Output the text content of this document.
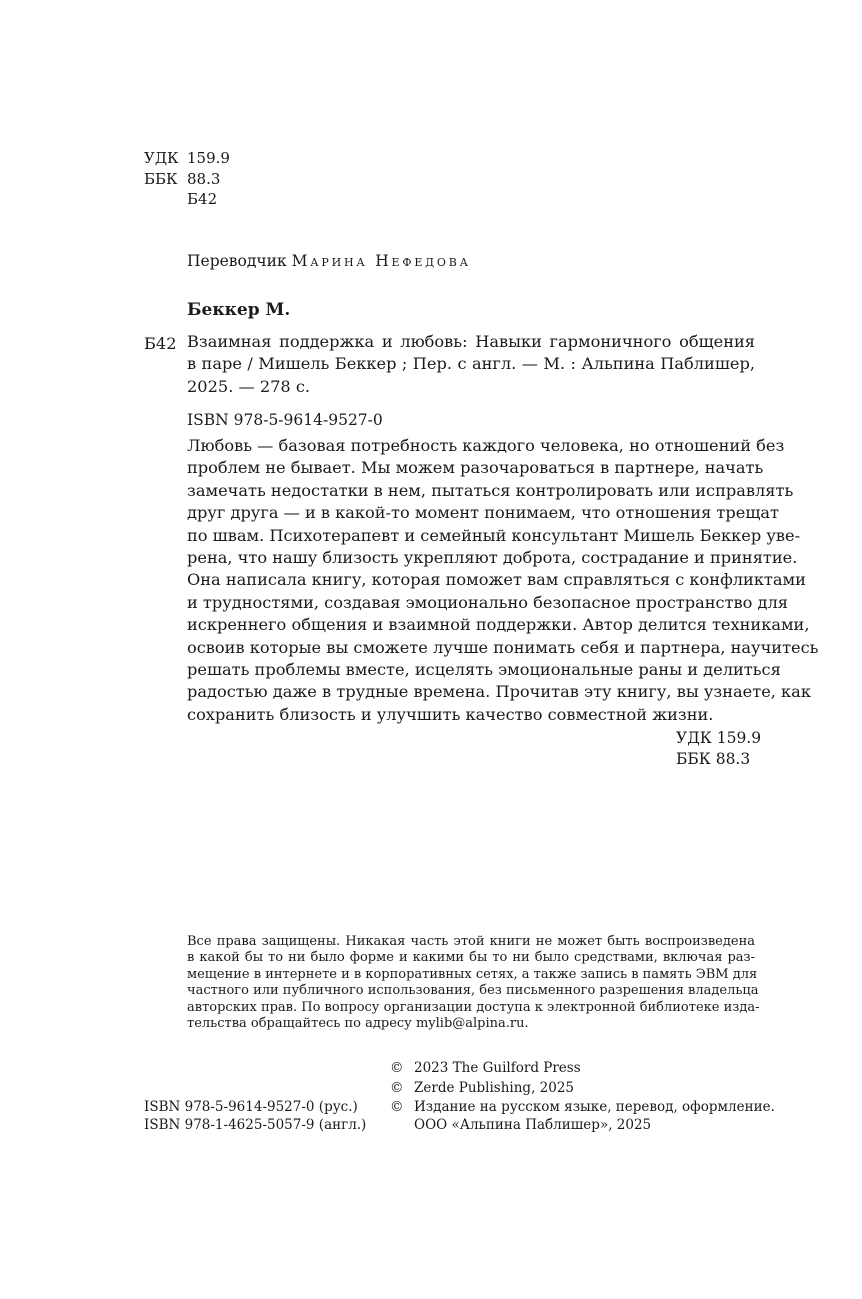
УДК 159.9
ББК 88.3
Б42
Переводчик Марина Нефедова
Беккер М.
Б42 Взаимная поддержка и любовь: Навыки гармоничного общения
в паре / Мишель Беккер ; Пер. с англ. — М. : Альпина Паблишер,
2025. — 278 с.
ISBN 978-5-9614-9527-0
Любовь — базовая потребность каждого человека, но отношений без
проблем не бывает. Мы можем разочароваться в партнере, начать
замечать недостатки в нем, пытаться контролировать или исправлять
друг друга — и в какой-то момент понимаем, что отношения трещат
по швам. Психотерапевт и семейный консультант Мишель Беккер уве-
рена, что нашу близость укрепляют доброта, сострадание и принятие.
Она написала книгу, которая поможет вам справляться с конфликтами
и трудностями, создавая эмоционально безопасное пространство для
искреннего общения и взаимной поддержки. Автор делится техниками,
освоив которые вы сможете лучше понимать себя и партнера, научитесь
решать проблемы вместе, исцелять эмоциональные раны и делиться
радостью даже в трудные времена. Прочитав эту книгу, вы узнаете, как
сохранить близость и улучшить качество совместной жизни.
УДК 159.9
ББК 88.3
Все права защищены. Никакая часть этой книги не может быть воспроизведена
в какой бы то ни было форме и какими бы то ни было средствами, включая раз-
мещение в интернете и в корпоративных сетях, а также запись в память ЭВМ для
частного или публичного использования, без письменного разрешения владельца
авторских прав. По вопросу организации доступа к электронной библиотеке изда-
тельства обращайтесь по адресу mylib@alpina.ru.
© 2023 The Guilford Press
© Zerde Publishing, 2025
© Издание на русском языке, перевод, оформление.
ООО «Альпина Паблишер», 2025
ISBN 978-5-9614-9527-0 (рус.)
ISBN 978-1-4625-5057-9 (англ.)
